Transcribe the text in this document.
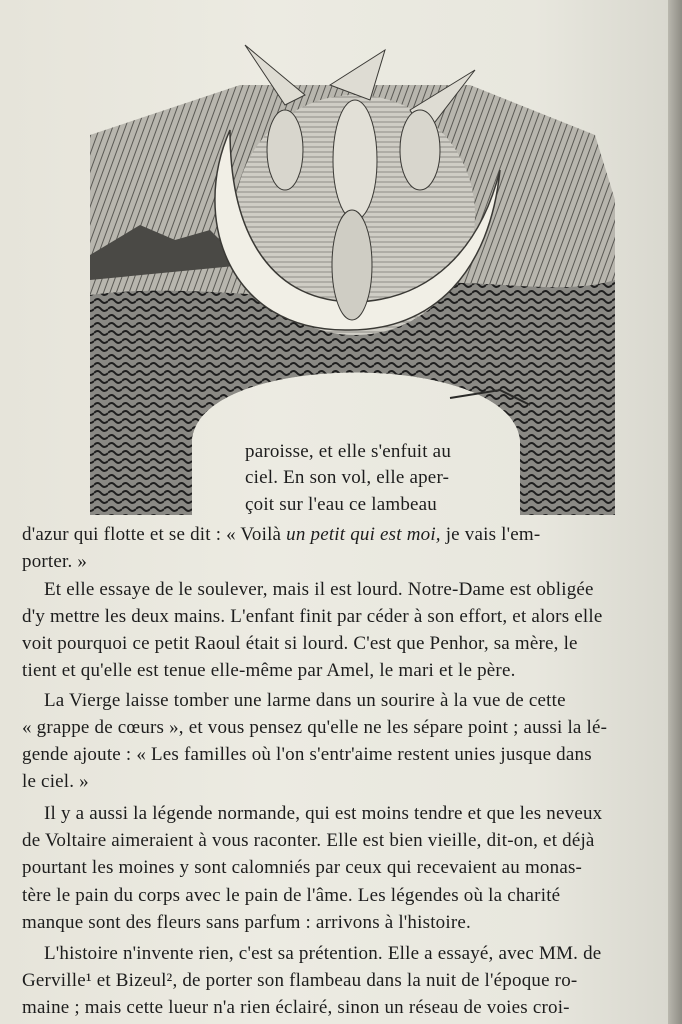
paroisse, et elle s'enfuit au
ciel. En son vol, elle aper-
çoit sur l'eau ce lambeau
d'azur qui flotte et se dit : « Voilà un petit qui est moi, je vais l'em-
porter. »
Et elle essaye de le soulever, mais il est lourd. Notre-Dame est obligée
d'y mettre les deux mains. L'enfant finit par céder à son effort, et alors elle
voit pourquoi ce petit Raoul était si lourd. C'est que Penhor, sa mère, le
tient et qu'elle est tenue elle-même par Amel, le mari et le père.
La Vierge laisse tomber une larme dans un sourire à la vue de cette
« grappe de cœurs », et vous pensez qu'elle ne les sépare point ; aussi la lé-
gende ajoute : « Les familles où l'on s'entr'aime restent unies jusque dans
le ciel. »
Il y a aussi la légende normande, qui est moins tendre et que les neveux
de Voltaire aimeraient à vous raconter. Elle est bien vieille, dit-on, et déjà
pourtant les moines y sont calomniés par ceux qui recevaient au monas-
tère le pain du corps avec le pain de l'âme. Les légendes où la charité
manque sont des fleurs sans parfum : arrivons à l'histoire.
L'histoire n'invente rien, c'est sa prétention. Elle a essayé, avec MM. de
Gerville¹ et Bizeul², de porter son flambeau dans la nuit de l'époque ro-
maine ; mais cette lueur n'a rien éclairé, sinon un réseau de voies croi-
